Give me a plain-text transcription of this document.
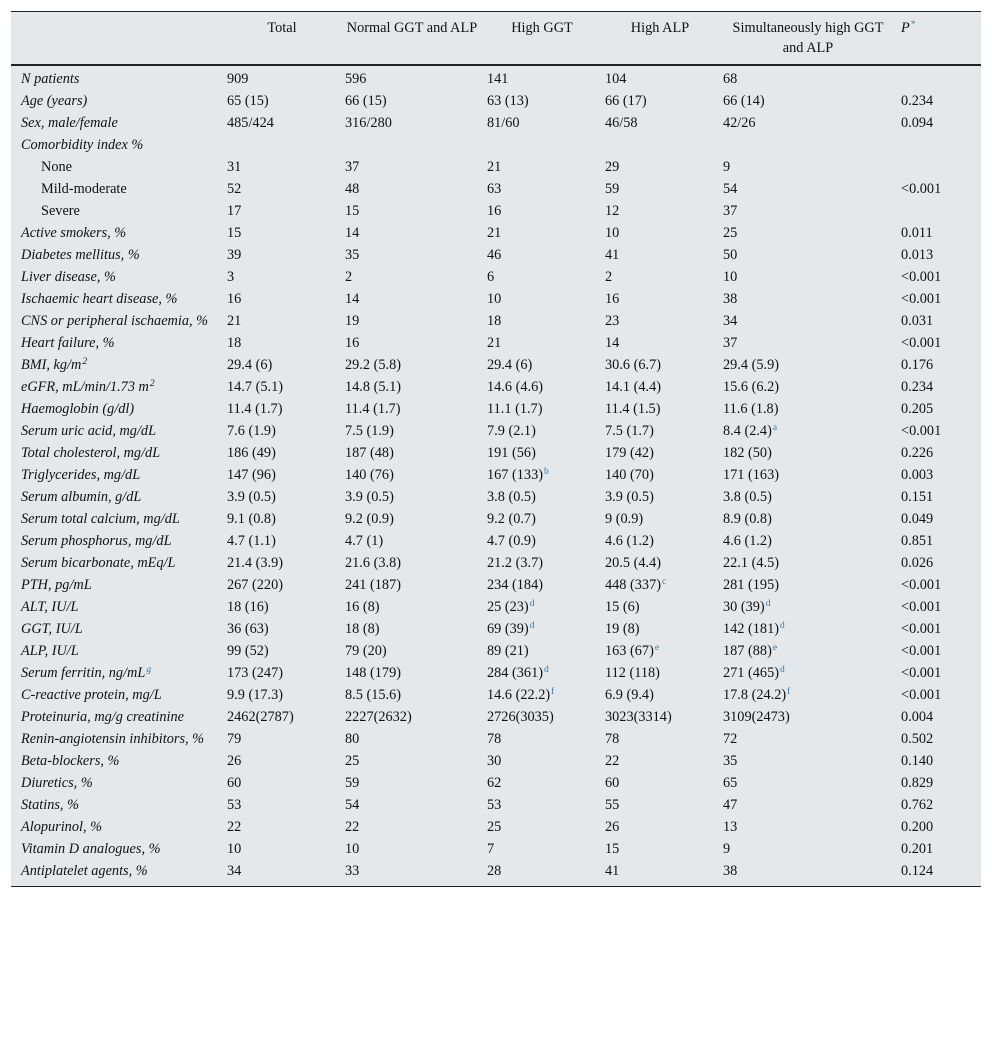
	Total	Normal GGT and ALP	High GGT	High ALP	Simultaneously high GGT and ALP	P*
N patients	909	596	141	104	68	
Age (years)	65 (15)	66 (15)	63 (13)	66 (17)	66 (14)	0.234
Sex, male/female	485/424	316/280	81/60	46/58	42/26	0.094
Comorbidity index %						
None	31	37	21	29	9	
Mild-moderate	52	48	63	59	54	<0.001
Severe	17	15	16	12	37	
Active smokers, %	15	14	21	10	25	0.011
Diabetes mellitus, %	39	35	46	41	50	0.013
Liver disease, %	3	2	6	2	10	<0.001
Ischaemic heart disease, %	16	14	10	16	38	<0.001
CNS or peripheral ischaemia, %	21	19	18	23	34	0.031
Heart failure, %	18	16	21	14	37	<0.001
BMI, $kg/m^2$	29.4 (6)	29.2 (5.8)	29.4 (6)	30.6 (6.7)	29.4 (5.9)	0.176
eGFR, mL/min/1.73 $m^2$	14.7 (5.1)	14.8 (5.1)	14.6 (4.6)	14.1 (4.4)	15.6 (6.2)	0.234
Haemoglobin (g/dl)	11.4 (1.7)	11.4 (1.7)	11.1 (1.7)	11.4 (1.5)	11.6 (1.8)	0.205
Serum uric acid, mg/dL	7.6 (1.9)	7.5 (1.9)	7.9 (2.1)	7.5 (1.7)	8.4 $(2.4)^a$	<0.001
Total cholesterol, mg/dL	186 (49)	187 (48)	191 (56)	179 (42)	182 (50)	0.226
Triglycerides, mg/dL	147 (96)	140 (76)	167 $(133)^b$	140 (70)	171 (163)	0.003
Serum albumin, g/dL	3.9 (0.5)	3.9 (0.5)	3.8 (0.5)	3.9 (0.5)	3.8 (0.5)	0.151
Serum total calcium, mg/dL	9.1 (0.8)	9.2 (0.9)	9.2 (0.7)	9 (0.9)	8.9 (0.8)	0.049
Serum phosphorus, mg/dL	4.7 (1.1)	4.7 (1)	4.7 (0.9)	4.6 (1.2)	4.6 (1.2)	0.851
Serum bicarbonate, mEq/L	21.4 (3.9)	21.6 (3.8)	21.2 (3.7)	20.5 (4.4)	22.1 (4.5)	0.026
PTH, pg/mL	267 (220)	241 (187)	234 (184)	448 $(337)^c$	281 (195)	<0.001
ALT, IU/L	18 (16)	16 (8)	25 $(23)^d$	15 (6)	30 $(39)^d$	<0.001
GGT, IU/L	36 (63)	18 (8)	69 $(39)^d$	19 (8)	142 $(181)^d$	<0.001
ALP, IU/L	99 (52)	79 (20)	89 (21)	163 $(67)^e$	187 $(88)^e$	<0.001
Serum ferritin, $ng/mL^g$	173 (247)	148 (179)	284 $(361)^d$	112 (118)	271 $(465)^d$	<0.001
C-reactive protein, mg/L	9.9 (17.3)	8.5 (15.6)	14.6 $(22.2)^f$	6.9 (9.4)	17.8 $(24.2)^f$	<0.001
Proteinuria, mg/g creatinine	2462(2787)	2227(2632)	2726(3035)	3023(3314)	3109(2473)	0.004
Renin-angiotensin inhibitors, %	79	80	78	78	72	0.502
Beta-blockers, %	26	25	30	22	35	0.140
Diuretics, %	60	59	62	60	65	0.829
Statins, %	53	54	53	55	47	0.762
Alopurinol, %	22	22	25	26	13	0.200
Vitamin D analogues, %	10	10	7	15	9	0.201
Antiplatelet agents, %	34	33	28	41	38	0.124
